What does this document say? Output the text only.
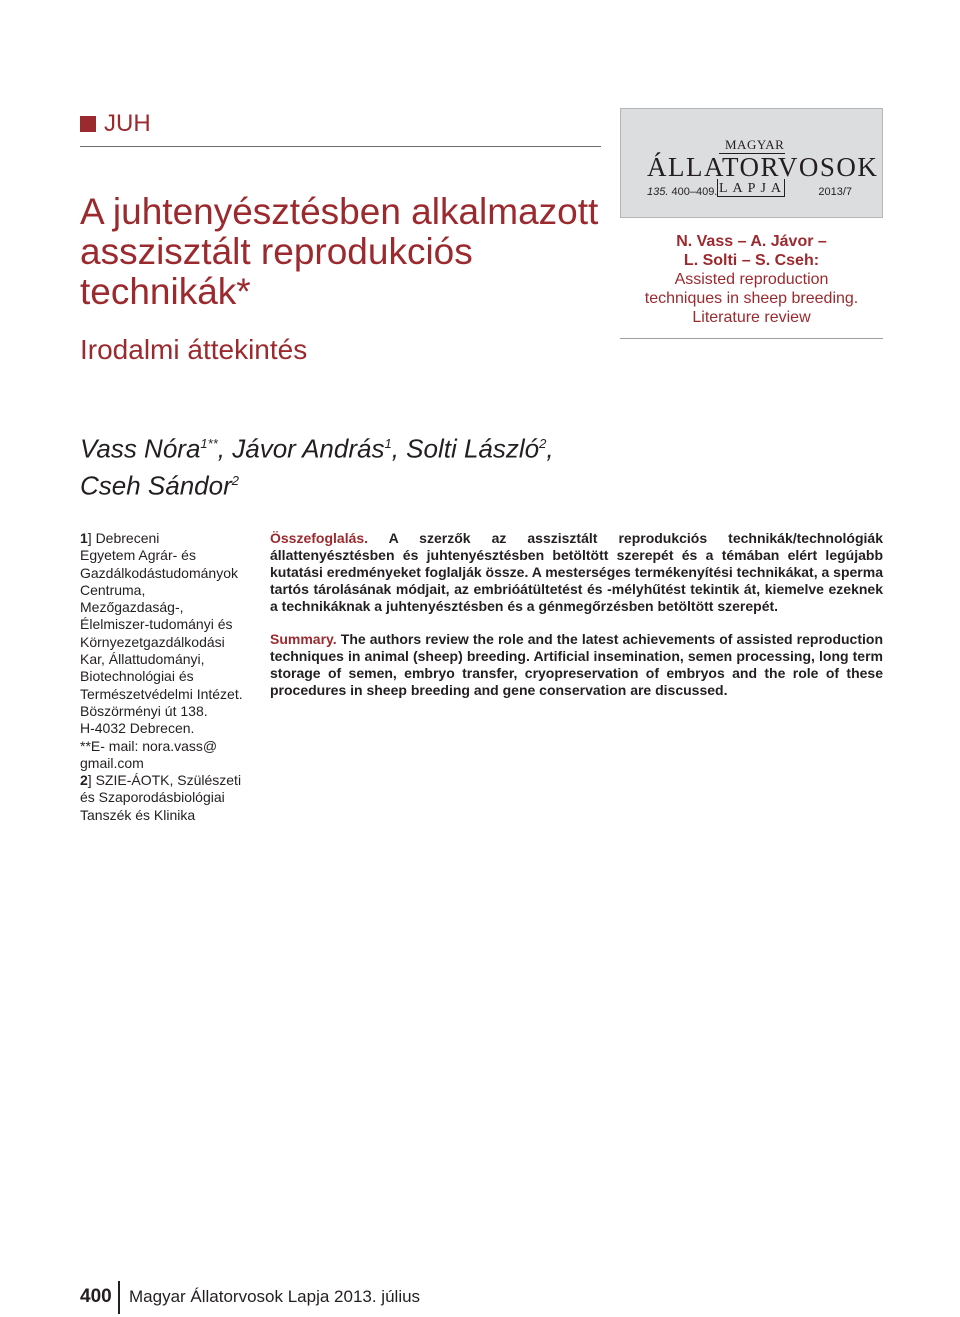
JUH
A juhtenyésztésben alkalmazott
asszisztált reprodukciós
technikák*
Irodalmi áttekintés
MAGYAR
ÁLLATORVOSOK
135. 400–409. LAPJA	2013/7
N. Vass – A. Jávor –
L. Solti – S. Cseh:
Assisted reproduction
techniques in sheep breeding.
Literature review
Vass Nóra$^{1**}$, Jávor András$^1$, Solti László$^2$,
Cseh Sándor$^2$
1] Debreceni
Egyetem Agrár- és
Gazdálkodástudományok
Centruma,
Mezőgazdaság-,
Élelmiszer-tudományi és
Környezetgazdálkodási
Kar, Állattudományi,
Biotechnológiai és
Természetvédelmi Intézet.
Böszörményi út 138.
H-4032 Debrecen.
**E- mail: nora.vass@
gmail.com
2] SZIE-ÁOTK, Szülészeti
és Szaporodásbiológiai
Tanszék és Klinika

Összefoglalás. A szerzők az asszisztált reprodukciós technikák/technológiák állattenyésztésben és juhtenyésztésben betöltött szerepét és a témában elért legújabb kutatási eredményeket foglalják össze. A mesterséges termékenyítési technikákat, a sperma tartós tárolásának módjait, az embrióátültetést és -mélyhűtést tekintik át, kiemelve ezeknek a technikáknak a juhtenyésztésben és a génmegőrzésben betöltött szerepét.

Summary. The authors review the role and the latest achievements of assisted reproduction techniques in animal (sheep) breeding. Artificial insemination, semen processing, long term storage of semen, embryo transfer, cryopreservation of embryos and the role of these procedures in sheep breeding and gene conservation are discussed.

400 Magyar Állatorvosok Lapja 2013. július
